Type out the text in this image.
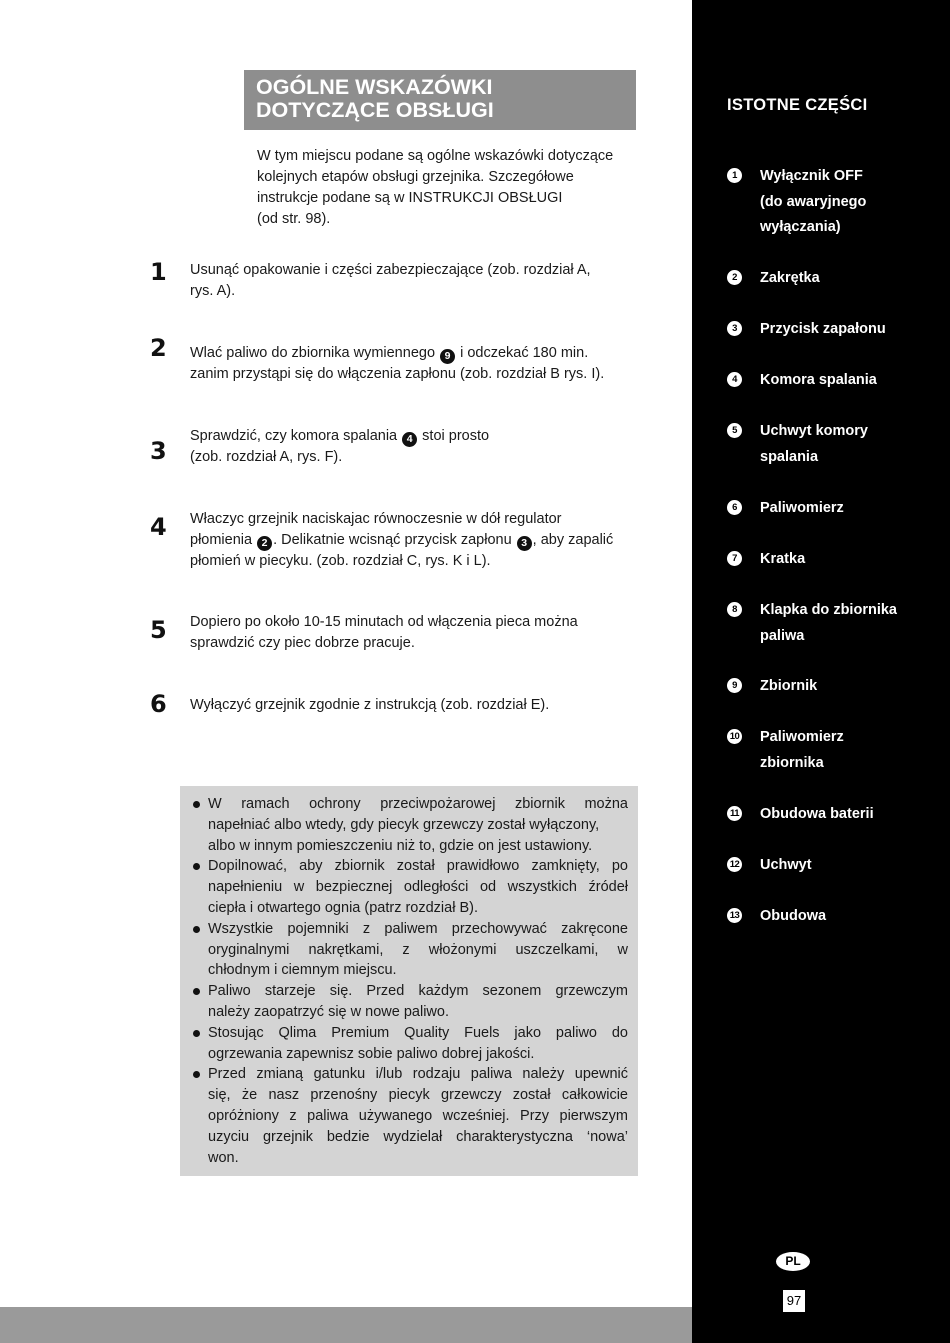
OGÓLNE WSKAZÓWKI
DOTYCZĄCE OBSŁUGI
W tym miejscu podane są ogólne wskazówki dotyczące
kolejnych etapów obsługi grzejnika. Szczegółowe
instrukcje podane są w INSTRUKCJI OBSŁUGI
(od str. 98).
1 Usunąć opakowanie i części zabezpieczające (zob. rozdział A,
rys. A).
2 Wlać paliwo do zbiornika wymiennego 9 i odczekać 180 min.
zanim przystąpi się do włączenia zapłonu (zob. rozdział B rys. I).
3
Sprawdzić, czy komora spalania 4 stoi prosto
(zob. rozdział A, rys. F).
4 Właczyc grzejnik naciskajac równoczesnie w dół regulator
płomienia 2 . Delikatnie wcisnąć przycisk zapłonu 3 , aby zapalić
płomień w piecyku. (zob. rozdział C, rys. K i L).
5 Dopiero po około 10-15 minutach od włączenia pieca można
sprawdzić czy piec dobrze pracuje.
6 Wyłączyć grzejnik zgodnie z instrukcją (zob. rozdział E).
W ramach ochrony przeciwpożarowej zbiornik można
napełniać albo wtedy, gdy piecyk grzewczy został wyłączony,
albo w innym pomieszczeniu niż to, gdzie on jest ustawiony.
Dopilnować, aby zbiornik został prawidłowo zamknięty, po
napełnieniu w bezpiecznej odległości od wszystkich źródeł
ciepła i otwartego ognia (patrz rozdział B).
Wszystkie pojemniki z paliwem przechowywać zakręcone
oryginalnymi nakrętkami, z włożonymi uszczelkami, w
chłodnym i ciemnym miejscu.
Paliwo starzeje się. Przed każdym sezonem grzewczym
należy zaopatrzyć się w nowe paliwo.
Stosując Qlima Premium Quality Fuels jako paliwo do
ogrzewania zapewnisz sobie paliwo dobrej jakości.
Przed zmianą gatunku i/lub rodzaju paliwa należy upewnić
się, że nasz przenośny piecyk grzewczy został całkowicie
opróżniony z paliwa używanego wcześniej. Przy pierwszym
uzyciu grzejnik bedzie wydzielał charakterystyczna ‘nowa’
won.
ISTOTNE CZĘŚCI
1	Wyłącznik OFF
(do awaryjnego
wyłączania)
2	Zakrętka
3	Przycisk zapałonu
4	Komora spalania
5	Uchwyt komory
spalania
6	Paliwomierz
7	Kratka
8	Klapka do zbiornika
paliwa
9	Zbiornik
10 Paliwomierz
zbiornika
11 Obudowa baterii
12 Uchwyt
13 Obudowa
PL
97
